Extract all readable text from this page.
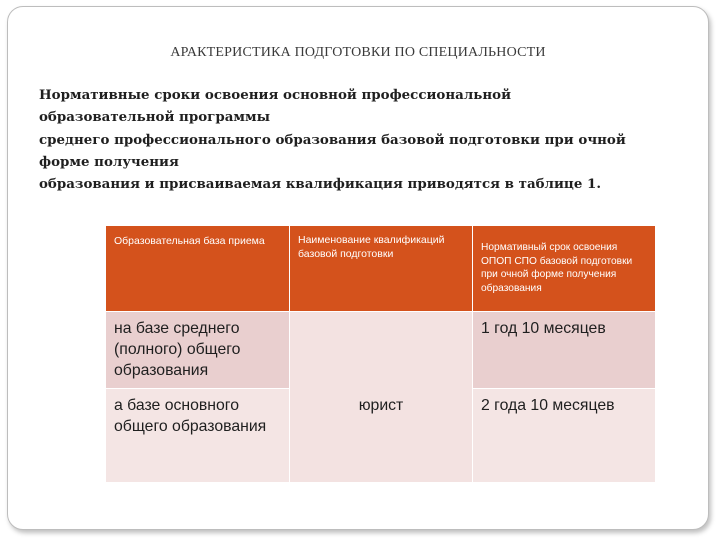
АРАКТЕРИСТИКА ПОДГОТОВКИ ПО СПЕЦИАЛЬНОСТИ
Нормативные сроки освоения основной профессиональной
образовательной программы
среднего профессионального образования базовой подготовки при очной
форме получения
образования и присваиваемая квалификация приводятся в таблице 1.
Образовательная база приема	Наименование квалификаций базовой подготовки	Нормативный срок освоения ОПОП СПО базовой подготовки при очной форме получения образования
на базе среднего (полного) общего образования	юрист	1 год 10 месяцев
а базе основного общего образования		2 года 10 месяцев
